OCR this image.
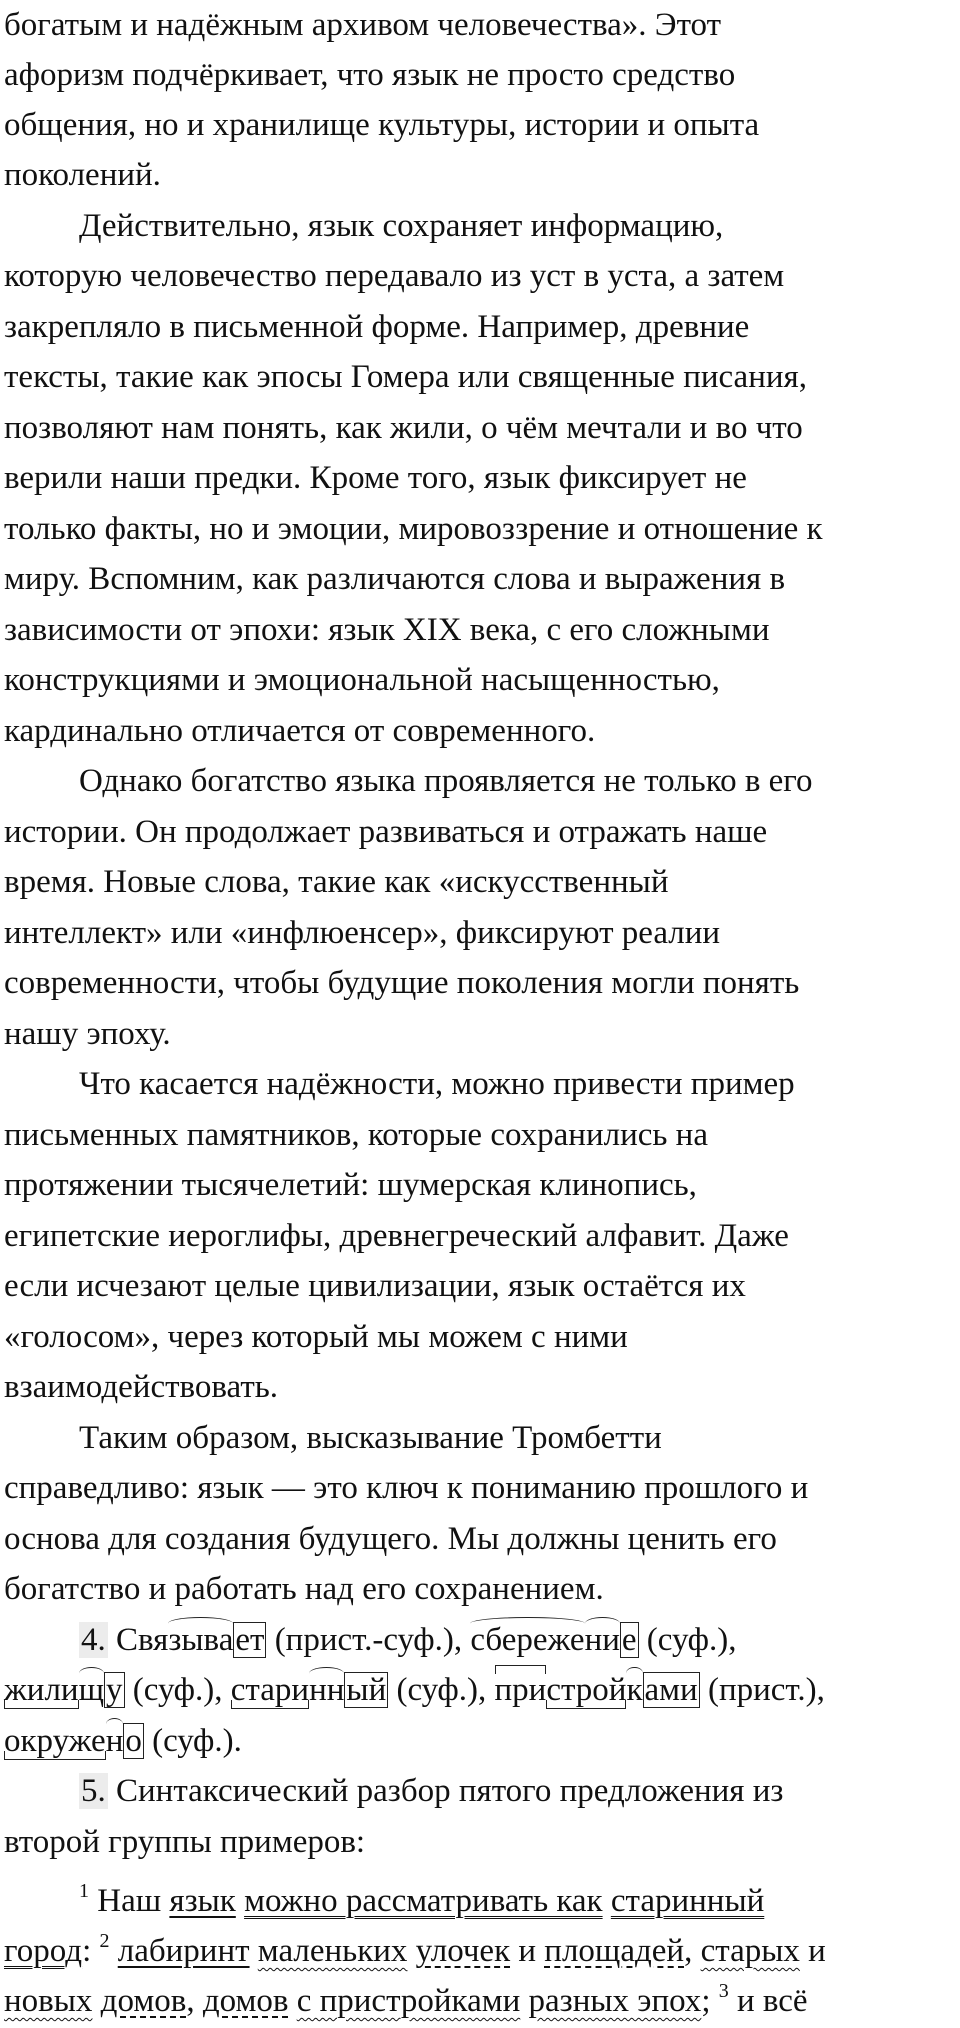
богатым и надёжным архивом человечества». Этот
афоризм подчёркивает, что язык не просто средство
общения, но и хранилище культуры, истории и опыта
поколений.
Действительно, язык сохраняет информацию,
которую человечество передавало из уст в уста, а затем
закрепляло в письменной форме. Например, древние
тексты, такие как эпосы Гомера или священные писания,
позволяют нам понять, как жили, о чём мечтали и во что
верили наши предки. Кроме того, язык фиксирует не
только факты, но и эмоции, мировоззрение и отношение к
миру. Вспомним, как различаются слова и выражения в
зависимости от эпохи: язык XIX века, с его сложными
конструкциями и эмоциональной насыщенностью,
кардинально отличается от современного.
Однако богатство языка проявляется не только в его
истории. Он продолжает развиваться и отражать наше
время. Новые слова, такие как «искусственный
интеллект» или «инфлюенсер», фиксируют реалии
современности, чтобы будущие поколения могли понять
нашу эпоху.
Что касается надёжности, можно привести пример
письменных памятников, которые сохранились на
протяжении тысячелетий: шумерская клинопись,
египетские иероглифы, древнегреческий алфавит. Даже
если исчезают целые цивилизации, язык остаётся их
«голосом», через который мы можем с ними
взаимодействовать.
Таким образом, высказывание Тромбетти
справедливо: язык — это ключ к пониманию прошлого и
основа для создания будущего. Мы должны ценить его
богатство и работать над его сохранением.
4. Связывает (прист.-суф.), сбережение (суф.),
жилищу (суф.), старинный (суф.), пристройками (прист.),
окружено (суф.).
5. Синтаксический разбор пятого предложения из
второй группы примеров:
$^1$ Наш язык можно рассматривать как старинный
город: $^2$ лабиринт маленьких улочек и площадей, старых и
новых домов, домов с пристройками разных эпох; $^3$ и всё
